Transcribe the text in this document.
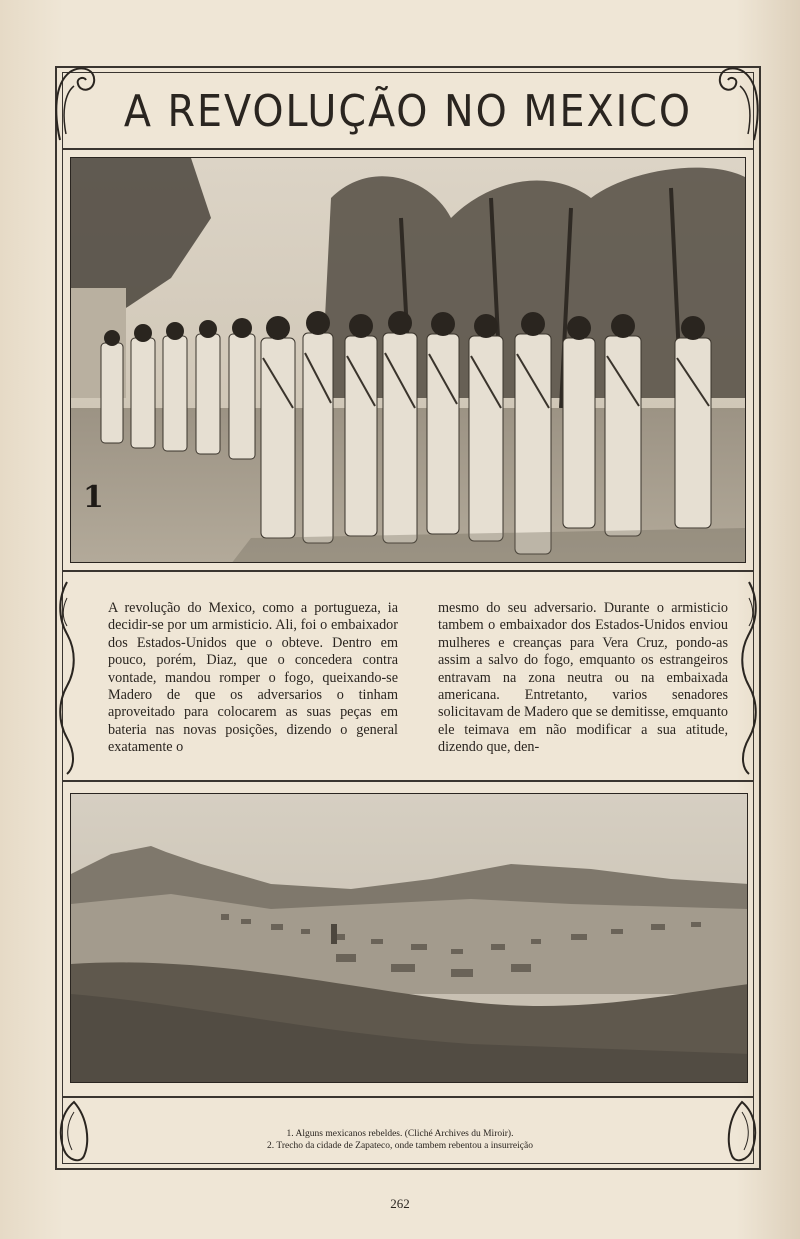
A REVOLUÇÃO NO MEXICO
1

A revolução do Mexico, como a portugueza, ia decidir-se por um armisticio. Ali, foi o embaixador dos Estados-Unidos que o obteve. Dentro em pouco, porém, Diaz, que o concedera contra vontade, mandou romper o fogo, queixando-se Madero de que os adversarios o tinham aproveitado para colocarem as suas peças em bateria nas novas posições, dizendo o general exatamente o

mesmo do seu adversario. Durante o armisticio tambem o embaixador dos Estados-Unidos enviou mulheres e creanças para Vera Cruz, pondo-as assim a salvo do fogo, emquanto os estrangeiros entravam na zona neutra ou na embaixada americana. Entretanto, varios senadores solicitavam de Madero que se demitisse, emquanto ele teimava em não modificar a sua atitude, dizendo que, den-

1. Alguns mexicanos rebeldes. (Cliché Archives du Miroir).
2. Trecho da cidade de Zapateco, onde tambem rebentou a insurreição
262
